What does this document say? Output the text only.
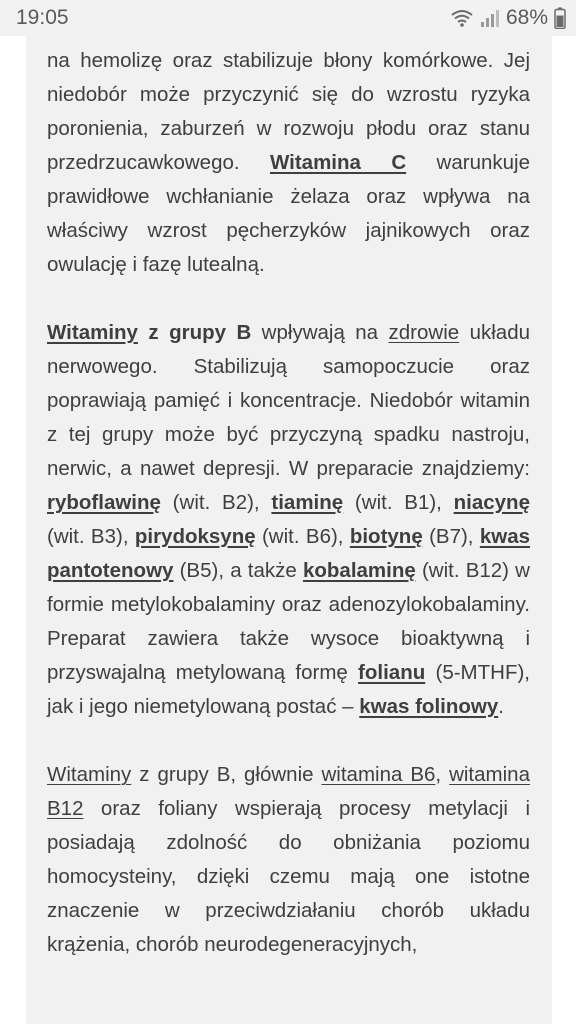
19:05	68%

na hemolizę oraz stabilizuje błony komórkowe. Jej niedobór może przyczynić się do wzrostu ryzyka poronienia, zaburzeń w rozwoju płodu oraz stanu przedrzucawkowego. Witamina C warunkuje prawidłowe wchłanianie żelaza oraz wpływa na właściwy wzrost pęcherzyków jajnikowych oraz owulację i fazę lutealną.

Witaminy z grupy B wpływają na zdrowie układu nerwowego. Stabilizują samopoczucie oraz poprawiają pamięć i koncentracje. Niedobór witamin z tej grupy może być przyczyną spadku nastroju, nerwic, a nawet depresji. W preparacie znajdziemy: ryboflawinę (wit. B2), tiaminę (wit. B1), niacynę (wit. B3), pirydoksynę (wit. B6), biotynę (B7), kwas pantotenowy (B5), a także kobalaminę (wit. B12) w formie metylokobalaminy oraz adenozylokobalaminy. Preparat zawiera także wysoce bioaktywną i przyswajalną metylowaną formę folianu (5-MTHF), jak i jego niemetylowaną postać – kwas folinowy.

Witaminy z grupy B, głównie witamina B6, witamina B12 oraz foliany wspierają procesy metylacji i posiadają zdolność do obniżania poziomu homocysteiny, dzięki czemu mają one istotne znaczenie w przeciwdziałaniu chorób układu krążenia, chorób neurodegeneracyjnych,
